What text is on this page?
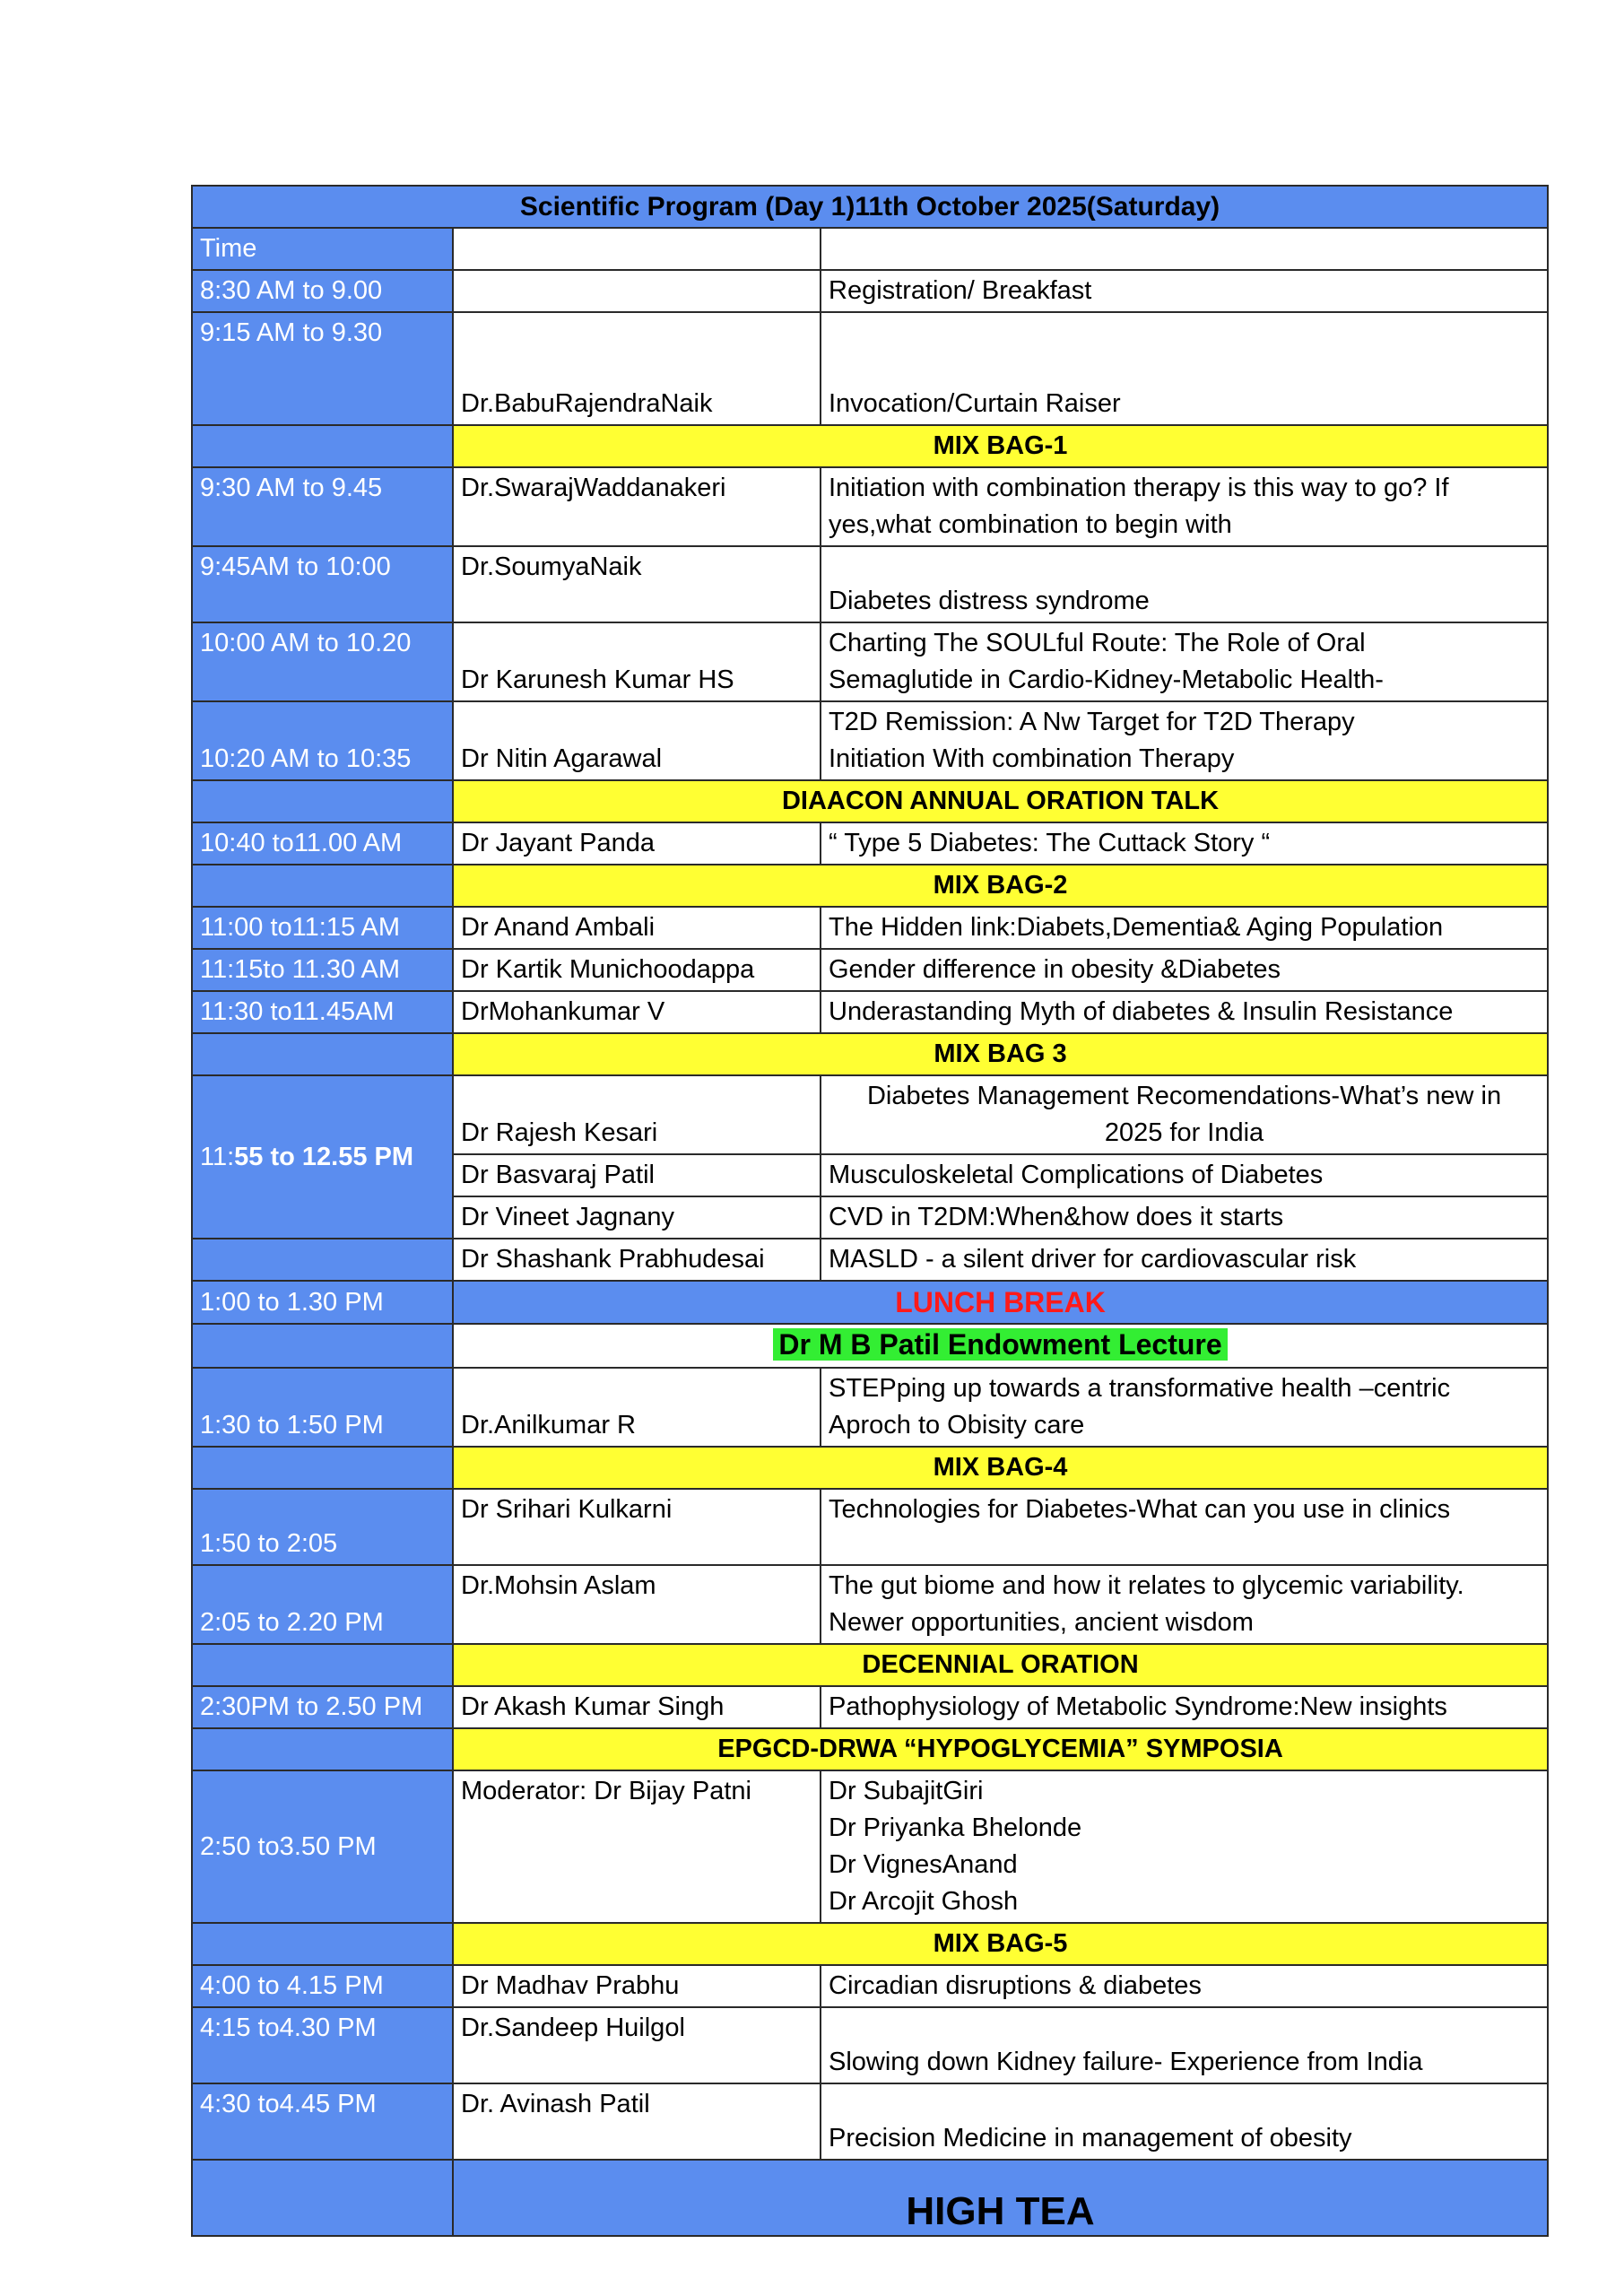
Scientific Program (Day 1)11th October 2025(Saturday)		
Time		
8:30 AM to 9.00		Registration/ Breakfast
9:15 AM to 9.30	Dr.BabuRajendraNaik	Invocation/Curtain Raiser
	MIX BAG-1	
9:30 AM to 9.45	Dr.SwarajWaddanakeri	Initiation with combination therapy is this way to go? If
yes,what combination to begin with

9:45AM to 10:00	Dr.SoumyaNaik	Diabetes distress syndrome
10:00 AM to 10.20	Dr Karunesh Kumar HS	Charting The SOULful Route: The Role of Oral
Semaglutide in Cardio-Kidney-Metabolic Health-

10:20 AM to 10:35	Dr Nitin Agarawal	T2D Remission: A Nw Target for T2D Therapy
Initiation With combination Therapy

	DIAACON ANNUAL ORATION TALK	
10:40 to11.00 AM	Dr Jayant Panda	“ Type 5 Diabetes: The Cuttack Story “
	MIX BAG-2	
11:00 to11:15 AM	Dr Anand Ambali	The Hidden link:Diabets,Dementia& Aging Population
11:15to 11.30 AM	Dr Kartik Munichoodappa	Gender difference in obesity &Diabetes
11:30 to11.45AM	DrMohankumar V	Underastanding Myth of diabetes & Insulin Resistance
	MIX BAG 3	
11:55 to 12.55 PM	Dr Rajesh Kesari	Diabetes Management Recomendations-What’s new in
2025 for India

	Dr Basvaraj Patil	Musculoskeletal Complications of Diabetes
	Dr Vineet Jagnany	CVD in T2DM:When&how does it starts
	Dr Shashank Prabhudesai	MASLD - a silent driver for cardiovascular risk
1:00 to 1.30 PM	LUNCH BREAK	
	Dr M B Patil Endowment Lecture	
1:30 to 1:50 PM	Dr.Anilkumar R	STEPping up towards a transformative health –centric
Aproch to Obisity care

	MIX BAG-4	
1:50 to 2:05	Dr Srihari Kulkarni	Technologies for Diabetes-What can you use in clinics
2:05 to 2.20 PM	Dr.Mohsin Aslam	The gut biome and how it relates to glycemic variability.
Newer opportunities, ancient wisdom

	DECENNIAL ORATION	
2:30PM to 2.50 PM	Dr Akash Kumar Singh	Pathophysiology of Metabolic Syndrome:New insights
	EPGCD-DRWA “HYPOGLYCEMIA” SYMPOSIA	
2:50 to3.50 PM	Moderator: Dr Bijay Patni	Dr SubajitGiri
Dr Priyanka Bhelonde
Dr VignesAnand
Dr Arcojit Ghosh

	MIX BAG-5	
4:00 to 4.15 PM	Dr Madhav Prabhu	Circadian disruptions & diabetes
4:15 to4.30 PM	Dr.Sandeep Huilgol	Slowing down Kidney failure- Experience from India
4:30 to4.45 PM	Dr. Avinash Patil	Precision Medicine in management of obesity
	HIGH TEA	
